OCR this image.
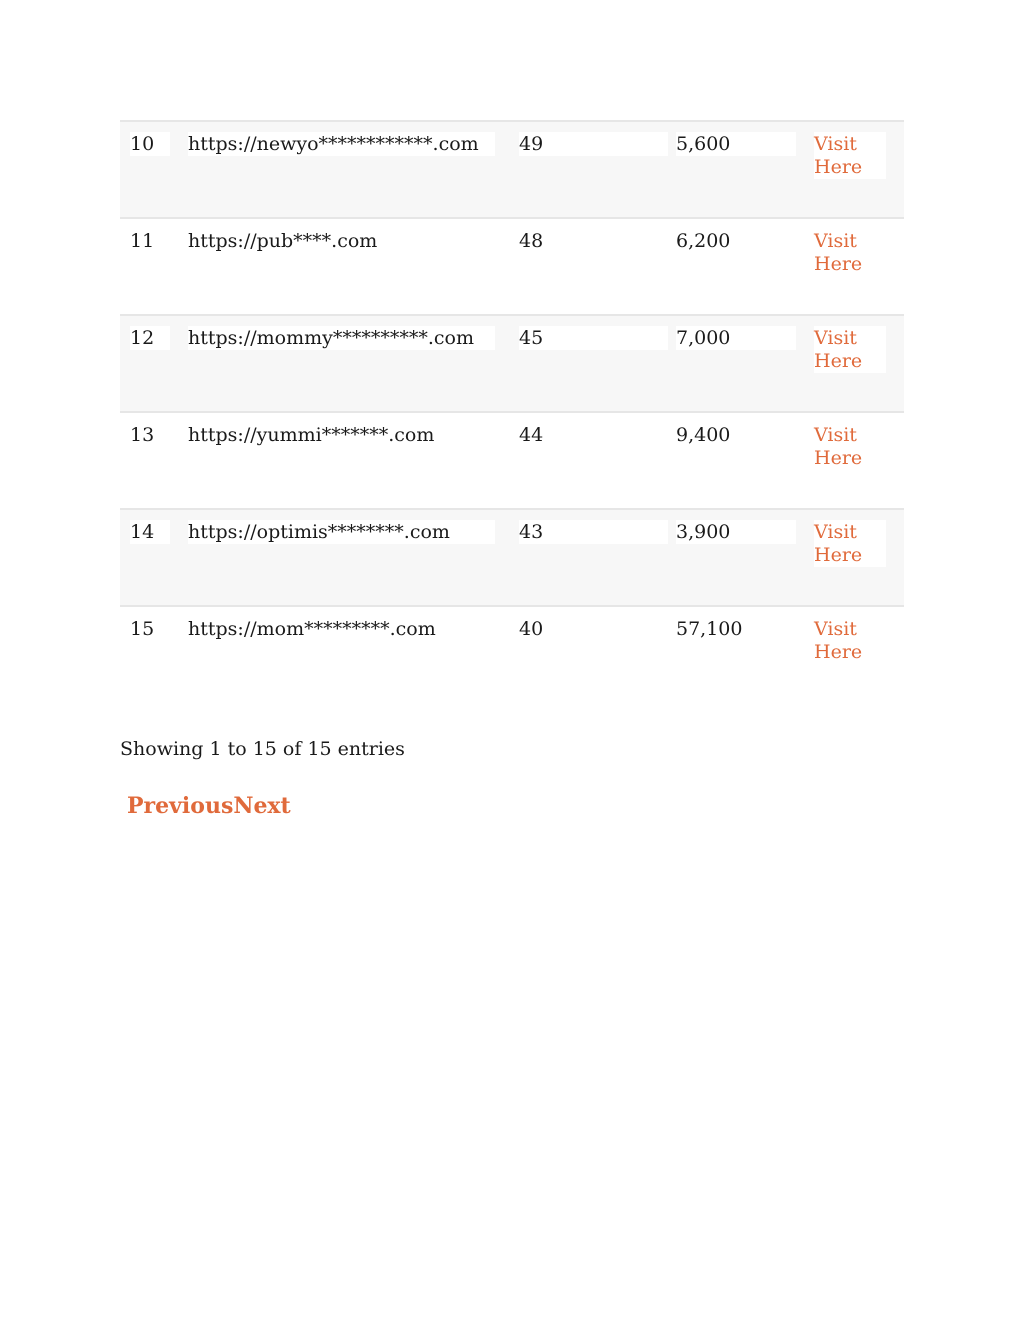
10	https://newyo************.com	49	5,600	Visit Here

11	https://pub****.com	48	6,200	Visit Here

12	https://mommy**********.com	45	7,000	Visit Here

13	https://yummi*******.com	44	9,400	Visit Here

14	https://optimis********.com	43	3,900	Visit Here

15	https://mom*********.com	40	57,100	Visit Here
Showing 1 to 15 of 15 entries
PreviousNext
